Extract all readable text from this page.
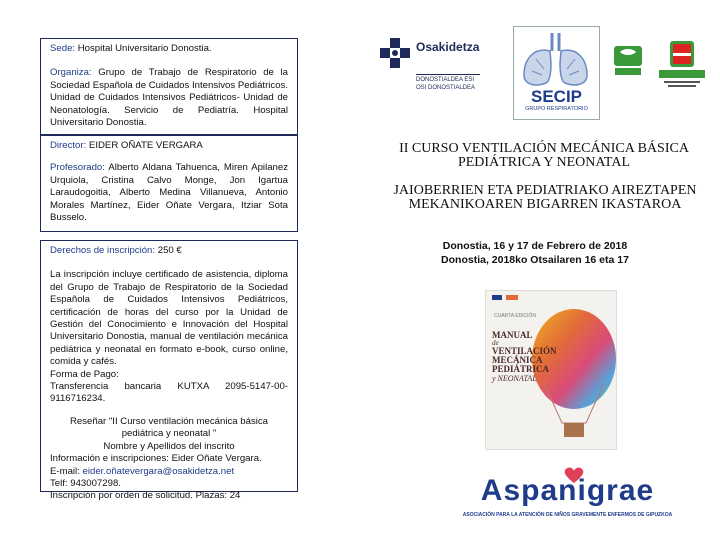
Sede: Hospital Universitario Donostia.
Organiza: Grupo de Trabajo de Respiratorio de la Sociedad Española de Cuidados Intensivos Pediátricos. Unidad de Cuidados Intensivos Pediátricos- Unidad de Neonatología. Servicio de Pediatría. Hospital Universitario Donostia.
Director: EIDER OÑATE VERGARA
Profesorado: Alberto Aldana Tahuenca, Miren Apilanez Urquiola, Cristina Calvo Monge, Jon Igartua Laraudogoitia, Alberto Medina Villanueva, Antonio Morales Martínez, Eider Oñate Vergara, Itziar Sota Busselo.
Derechos de inscripción: 250 €
La inscripción incluye certificado de asistencia, diploma del Grupo de Trabajo de Respiratorio de la Sociedad Española de Cuidados Intensivos Pediátricos, certificación de horas del curso por la Unidad de Gestión del Conocimiento e Innovación del Hospital Universitario Donostia, manual de ventilación mecánica pediátrica y neonatal en formato e-book, curso online, comida y cafés.
Forma de Pago:
Transferencia bancaria KUTXA 2095-5147-00-9116716234.
Reseñar "II Curso ventilación mecánica básica pediátrica y neonatal "
Nombre y Apellidos del inscrito
Información e inscripciones: Eider Oñate Vergara.
E-mail: eider.oñatevergara@osakidetza.net
Telf: 943007298.
Inscripción por orden de solicitud. Plazas: 24
Osakidetza
DONOSTIALDEA ESI
OSI DONOSTIALDEA	SECIP
GRUPO RESPIRATORIO
II CURSO VENTILACIÓN MECÁNICA BÁSICA PEDIÁTRICA Y NEONATAL
JAIOBERRIEN ETA PEDIATRIAKO AIREZTAPEN MEKANIKOAREN BIGARREN IKASTAROA
Donostia, 16 y 17 de Febrero de 2018
Donostia, 2018ko Otsailaren 16 eta 17
CUARTA EDICIÓN
MANUAL
de
VENTILACIÓN
MECÁNICA
PEDIÁTRICA
y NEONATAL
Aspanigrae
ASOCIACIÓN PARA LA ATENCIÓN DE NIÑOS GRAVEMENTE ENFERMOS DE GIPUZKOA
